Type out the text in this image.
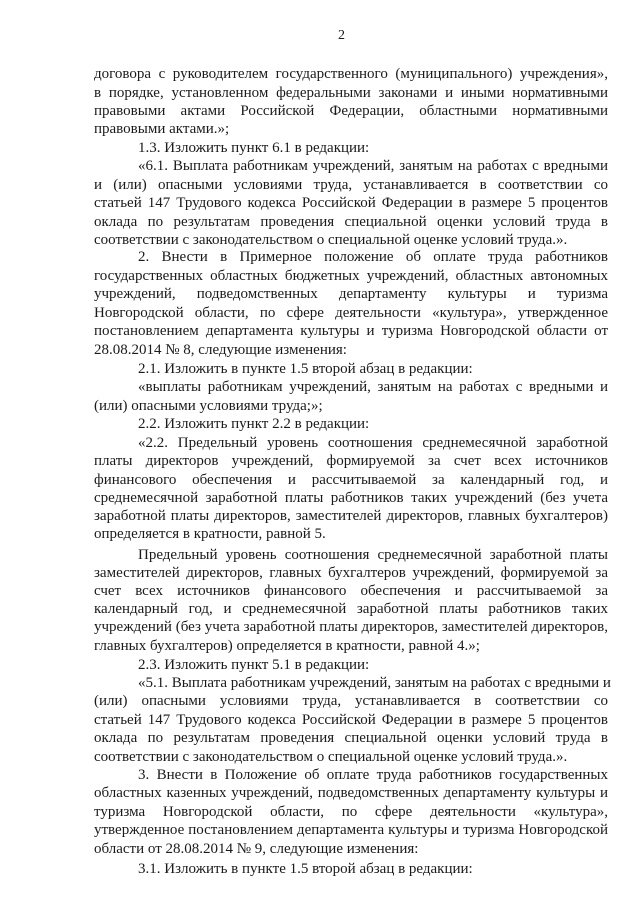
2
договора с руководителем государственного (муниципального) учреждения»,
в порядке, установленном федеральными законами и иными нормативными
правовыми актами Российской Федерации, областными нормативными
правовыми актами.»;
1.3. Изложить пункт 6.1 в редакции:
«6.1. Выплата работникам учреждений, занятым на работах с вредными
и (или) опасными условиями труда, устанавливается в соответствии со
статьей 147 Трудового кодекса Российской Федерации в размере 5 процентов
оклада по результатам проведения специальной оценки условий труда в
соответствии с законодательством о специальной оценке условий труда.».
2. Внести в Примерное положение об оплате труда работников
государственных областных бюджетных учреждений, областных автономных
учреждений, подведомственных департаменту культуры и туризма
Новгородской области, по сфере деятельности «культура», утвержденное
постановлением департамента культуры и туризма Новгородской области от
28.08.2014 № 8, следующие изменения:
2.1. Изложить в пункте 1.5 второй абзац в редакции:
«выплаты работникам учреждений, занятым на работах с вредными и
(или) опасными условиями труда;»;
2.2. Изложить пункт 2.2 в редакции:
«2.2. Предельный уровень соотношения среднемесячной заработной
платы директоров учреждений, формируемой за счет всех источников
финансового обеспечения и рассчитываемой за календарный год, и
среднемесячной заработной платы работников таких учреждений (без учета
заработной платы директоров, заместителей директоров, главных бухгалтеров)
определяется в кратности, равной 5.
Предельный уровень соотношения среднемесячной заработной платы
заместителей директоров, главных бухгалтеров учреждений, формируемой за
счет всех источников финансового обеспечения и рассчитываемой за
календарный год, и среднемесячной заработной платы работников таких
учреждений (без учета заработной платы директоров, заместителей директоров,
главных бухгалтеров) определяется в кратности, равной 4.»;
2.3. Изложить пункт 5.1 в редакции:
«5.1. Выплата работникам учреждений, занятым на работах с вредными и
(или) опасными условиями труда, устанавливается в соответствии со
статьей 147 Трудового кодекса Российской Федерации в размере 5 процентов
оклада по результатам проведения специальной оценки условий труда в
соответствии с законодательством о специальной оценке условий труда.».
3. Внести в Положение об оплате труда работников государственных
областных казенных учреждений, подведомственных департаменту культуры и
туризма Новгородской области, по сфере деятельности «культура»,
утвержденное постановлением департамента культуры и туризма Новгородской
области от 28.08.2014 № 9, следующие изменения:
3.1. Изложить в пункте 1.5 второй абзац в редакции:
